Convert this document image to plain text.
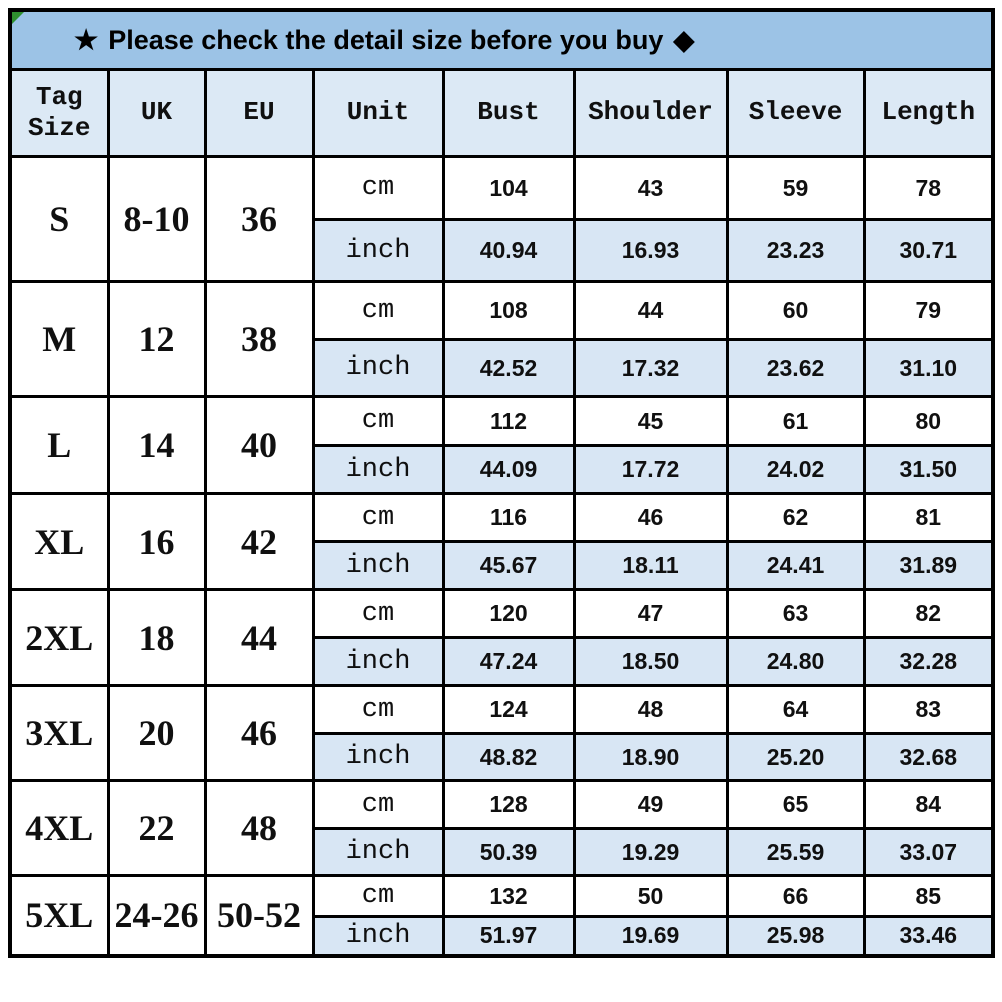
★ Please check the detail size before you buy ◆							
Tag Size	UK	EU	Unit	Bust	Shoulder	Sleeve	Length
S	8-10	36	cm	104	43	59	78
			inch	40.94	16.93	23.23	30.71
M	12	38	cm	108	44	60	79
			inch	42.52	17.32	23.62	31.10
L	14	40	cm	112	45	61	80
			inch	44.09	17.72	24.02	31.50
XL	16	42	cm	116	46	62	81
			inch	45.67	18.11	24.41	31.89
2XL	18	44	cm	120	47	63	82
			inch	47.24	18.50	24.80	32.28
3XL	20	46	cm	124	48	64	83
			inch	48.82	18.90	25.20	32.68
4XL	22	48	cm	128	49	65	84
			inch	50.39	19.29	25.59	33.07
5XL	24-26	50-52	cm	132	50	66	85
			inch	51.97	19.69	25.98	33.46
